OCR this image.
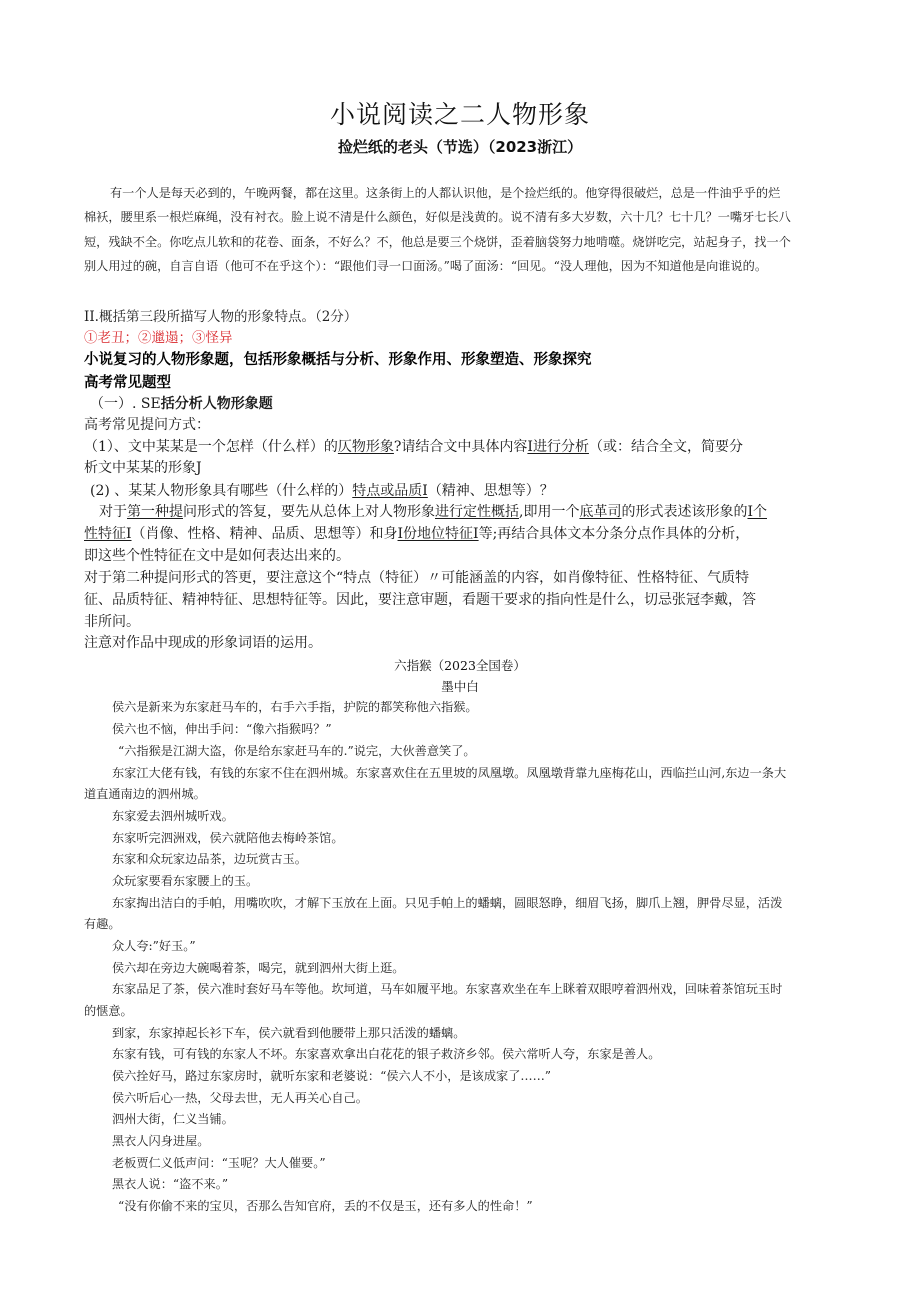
小说阅读之二人物形象
捡烂纸的老头（节选）（2023浙江）
有一个人是每天必到的，午晚两餐，都在这里。这条街上的人都认识他，是个捡烂纸的。他穿得很破烂，总是一件油乎乎的烂
棉袄，腰里系一根烂麻绳，没有衬衣。脸上说不清是什么颜色，好似是浅黄的。说不清有多大岁数，六十几？七十几？一嘴牙七长八
短，残缺不全。你吃点儿软和的花卷、面条，不好么？不，他总是要三个烧饼，歪着脑袋努力地啃噬。烧饼吃完，站起身子，找一个
别人用过的碗，自言自语（他可不在乎这个）：“跟他们寻一口面汤。”喝了面汤：“回见。“没人理他，因为不知道他是向谁说的。
II.概括第三段所描写人物的形象特点。（2分）
①老丑；②邋遢；③怪异
小说复习的人物形象题，包括形象概括与分析、形象作用、形象塑造、形象探究
高考常见题型
（一）. SE括分析人物形象题
高考常见提问方式：
（1）、文中某某是一个怎样（什么样）的仄物形象?请结合文中具体内容I进行分析（或：结合全文，简要分
析文中某某的形象J
(2) 、某某人物形象具有哪些（什么样的）特点或品质I（精神、思想等）？
对于第一种提问形式的答复，要先从总体上对人物形象进行定性概括,即用一个底革司的形式表述该形象的I个
性特征I（肖像、性格、精神、品质、思想等）和身I份地位特征I等;再结合具体文本分条分点作具体的分析，
即这些个性特征在文中是如何表达出来的。
对于第二种提问形式的答更，要注意这个“特点（特征）〃可能涵盖的内容，如肖像特征、性格特征、气质特
征、品质特征、精神特征、思想特征等。因此，要注意审题，看题干要求的指向性是什么，切忌张冠李戴，答
非所问。
注意对作品中现成的形象词语的运用。
六指猴（2023全国卷）
墨中白
侯六是新来为东家赶马车的，右手六手指，护院的都笑称他六指猴。
侯六也不恼，伸出手问：“像六指猴吗？”
“六指猴是江湖大盗，你是给东家赶马车的.”说完，大伙善意笑了。
东家江大佬有钱，有钱的东家不住在泗州城。东家喜欢住在五里坡的凤凰墩。凤凰墩背靠九座梅花山，西临拦山河,东边一条大
道直通南边的泗州城。
东家爱去泗州城听戏。
东家听完泗洲戏，侯六就陪他去梅岭茶馆。
东家和众玩家边品茶，边玩赏古玉。
众玩家要看东家腰上的玉。
东家掏出洁白的手帕，用嘴吹吹，才解下玉放在上面。只见手帕上的蟠螭，圆眼怒睁，细眉飞扬，脚爪上翘，胛骨尽显，活泼
有趣。
众人夸:”好玉。”
侯六却在旁边大碗喝着茶，喝完，就到泗州大街上逛。
东家品足了茶，侯六准时套好马车等他。坎坷道，马车如履平地。东家喜欢坐在车上眯着双眼哼着泗州戏，回味着茶馆玩玉时
的惬意。
到家，东家掉起长衫下车，侯六就看到他腰带上那只活泼的蟠螭。
东家有钱，可有钱的东家人不坏。东家喜欢拿出白花花的银子救济乡邻。侯六常听人夸，东家是善人。
侯六拴好马，路过东家房时，就听东家和老婆说：“侯六人不小，是该成家了……”
侯六听后心一热，父母去世，无人再关心自己。
泗州大街，仁义当铺。
黑衣人闪身进屋。
老板贾仁义低声问：“玉呢？大人催要。”
黑衣人说：“盗不来。”
“没有你偷不来的宝贝，否那么告知官府，丢的不仅是玉，还有多人的性命！”
